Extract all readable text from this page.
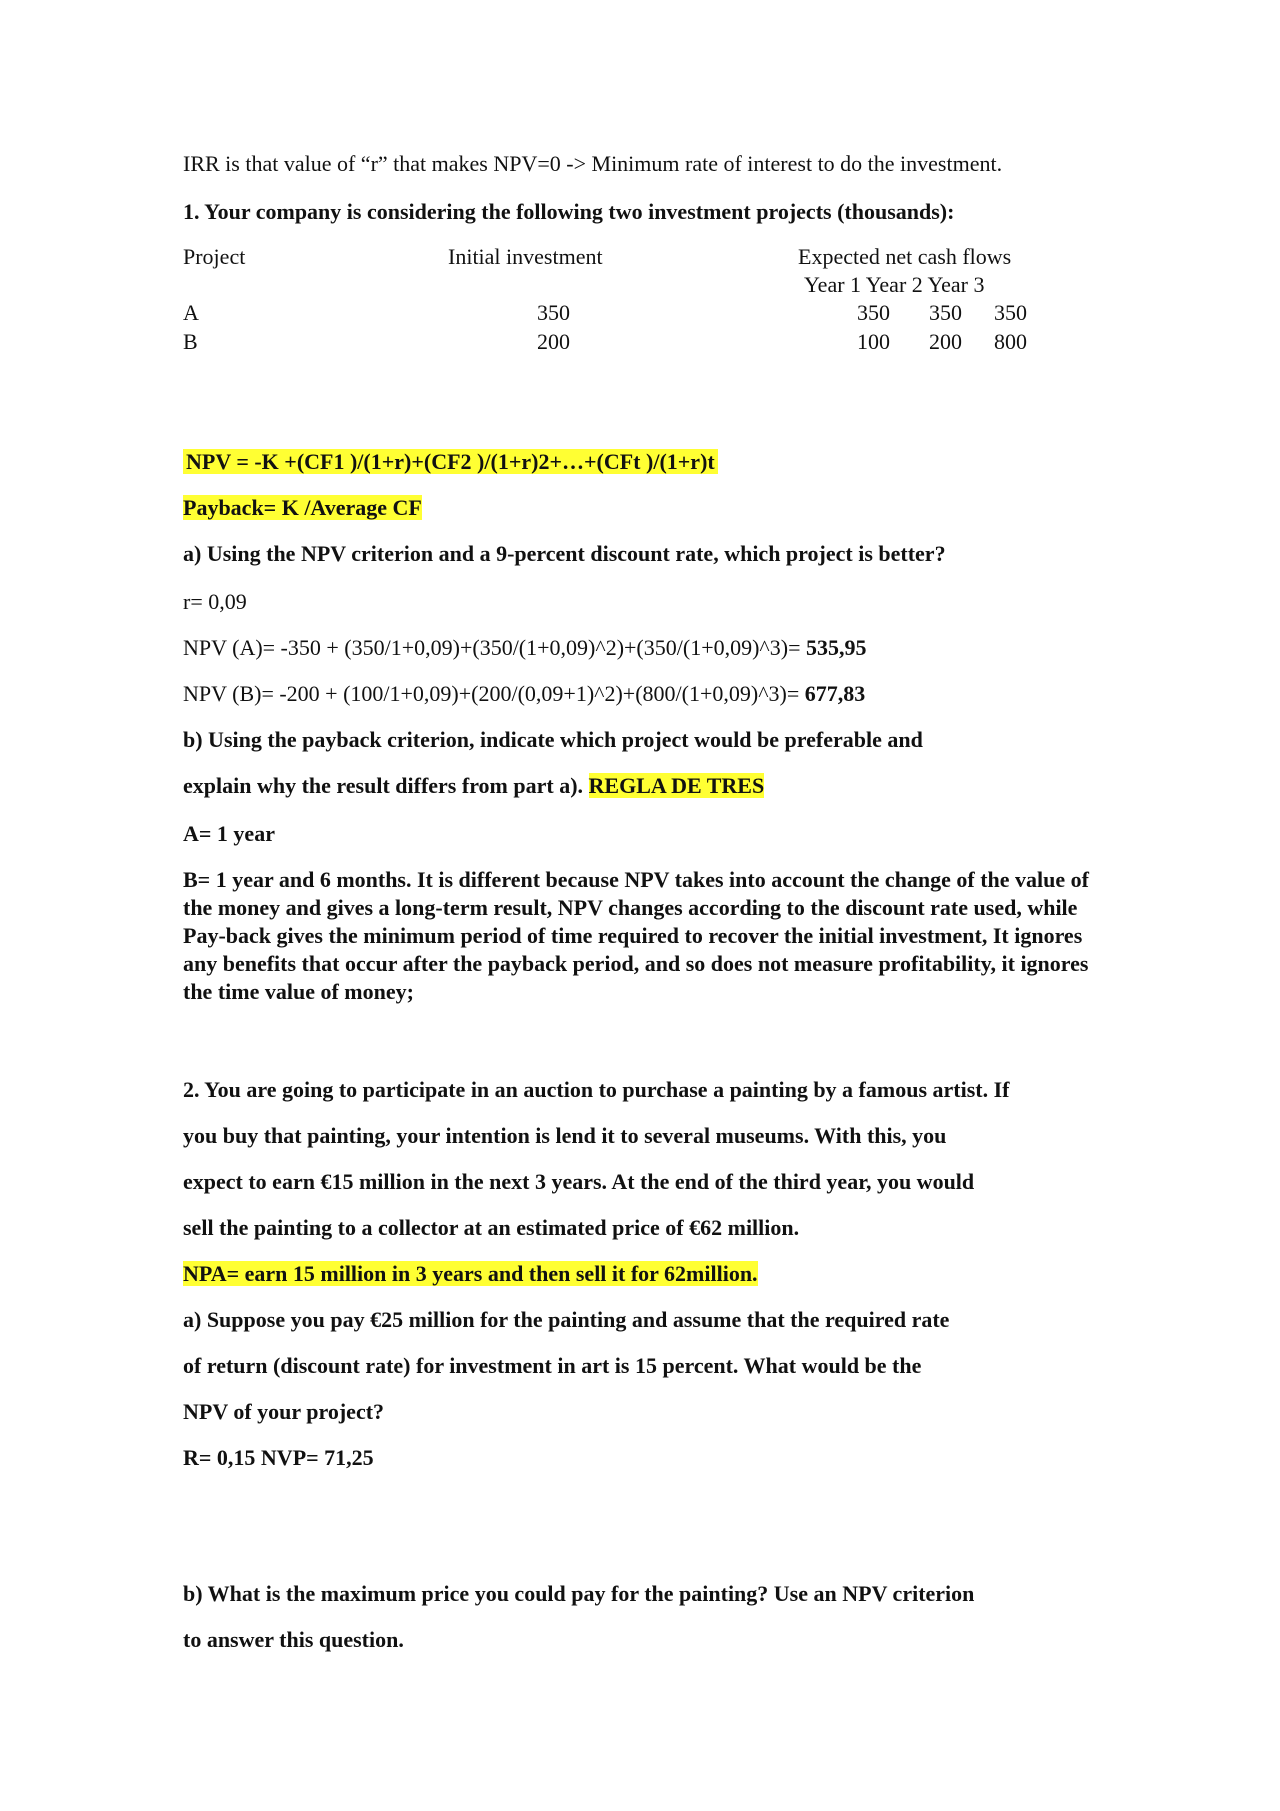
IRR is that value of “r” that makes NPV=0 -> Minimum rate of interest to do the investment.
1. Your company is considering the following two investment projects (thousands):
Project	Initial investment	Expected net cash flows
Year 1 Year 2 Year 3
A	350	350	350	350
B	200	100	200	800
NPV = -K +(CF1 )/(1+r)+(CF2 )/(1+r)2+…+(CFt )/(1+r)t
Payback= K /Average CF
a) Using the NPV criterion and a 9-percent discount rate, which project is better?
r= 0,09
NPV (A)= -350 + (350/1+0,09)+(350/(1+0,09)^2)+(350/(1+0,09)^3)= 535,95
NPV (B)= -200 + (100/1+0,09)+(200/(0,09+1)^2)+(800/(1+0,09)^3)= 677,83
b) Using the payback criterion, indicate which project would be preferable and
explain why the result differs from part a). REGLA DE TRES
A= 1 year
B= 1 year and 6 months. It is different because NPV takes into account the change of the value of the money and gives a long-term result, NPV changes according to the discount rate used, while Pay-back gives the minimum period of time required to recover the initial investment, It ignores any benefits that occur after the payback period, and so does not measure profitability, it ignores the time value of money;
2. You are going to participate in an auction to purchase a painting by a famous artist. If
you buy that painting, your intention is lend it to several museums. With this, you
expect to earn €15 million in the next 3 years. At the end of the third year, you would
sell the painting to a collector at an estimated price of €62 million.
NPA= earn 15 million in 3 years and then sell it for 62million.
a) Suppose you pay €25 million for the painting and assume that the required rate
of return (discount rate) for investment in art is 15 percent. What would be the
NPV of your project?
R= 0,15 NVP= 71,25
b) What is the maximum price you could pay for the painting? Use an NPV criterion
to answer this question.
